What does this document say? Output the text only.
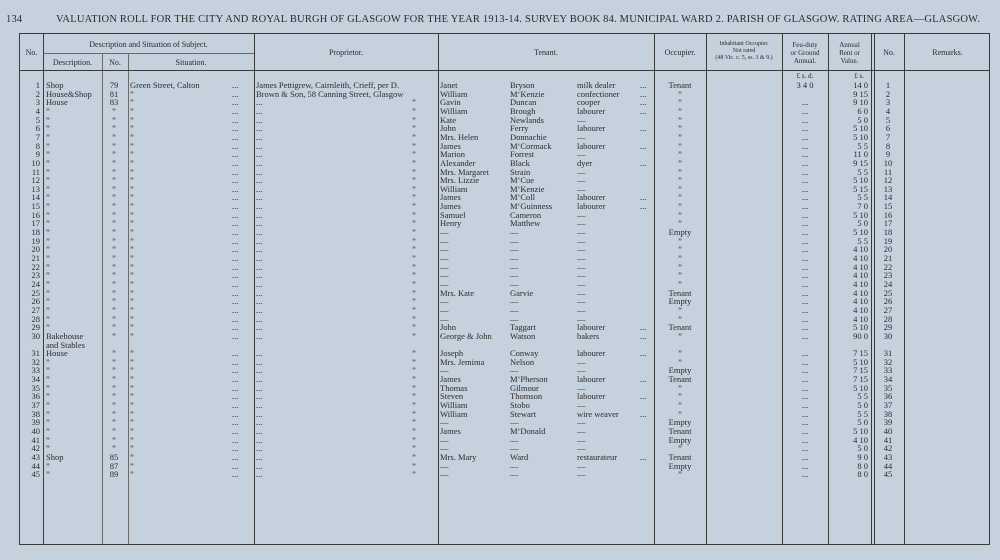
134	VALUATION ROLL FOR THE CITY AND ROYAL BURGH OF GLASGOW FOR THE YEAR 1913-14. SURVEY BOOK 84. MUNICIPAL WARD 2. PARISH OF GLASGOW. RATING AREA—GLASGOW.
No.
Description and Situation of Subject.
Description.	No.	Situation.
Proprietor.	Tenant.	Occupier.
Inhabitant Occupier.
Not rated
(48 Vic. c. 5, ss. 3 & 9.)
Feu-duty
or Ground
Annual.
Annual
Rent or
Value.
No.	Remarks.
1 Shop	79	Green Street, Calton	...	James Pettigrew, Cairnleith, Crieff, per D.	Janet	Bryson	milk dealer	...	Tenant	3 4 0	14 0	1
2 House&Shop	81	”	...	Brown & Son, 58 Canning Street, Glasgow	William	M‘Kenzie	confectioner	...	”	9 15	2
3 House	83	”	...	...	”	Gavin	Duncan	cooper	...	”	...	9 10	3
4 ”	”	”	...	...	”	William	Brough	labourer	...	”	...	6 0	4
5 ”	”	”	...	...	”	Kate	Newlands	—	”	...	5 0	5
6 ”	”	”	...	...	”	John	Ferry	labourer	...	”	...	5 10	6
7 ”	”	”	...	...	”	Mrs. Helen	Donnachie	—	”	...	5 10	7
8 ”	”	”	...	...	”	James	M‘Cormack	labourer	...	”	...	5 5	8
9 ”	”	”	...	...	”	Marion	Forrest	—	”	...	11 0	9
10 ”	”	”	...	...	”	Alexander	Black	dyer	...	”	...	9 15	10
11 ”	”	”	...	...	”	Mrs. Margaret	Strain	—	”	...	5 5	11
12 ”	”	”	...	...	”	Mrs. Lizzie	M‘Cue	—	”	...	5 10	12
13 ”	”	”	...	...	”	William	M‘Kenzie	—	”	...	5 15	13
14 ”	”	”	...	...	”	James	M‘Coll	labourer	...	”	...	5 5	14
15 ”	”	”	...	...	”	James	M‘Guinness	labourer	...	”	...	7 0	15
16 ”	”	”	...	...	”	Samuel	Cameron	—	”	...	5 10	16
17 ”	”	”	...	...	”	Henry	Matthew	—	”	...	5 0	17
18 ”	”	”	...	...	”	—	—	—	Empty	...	5 10	18
19 ”	”	”	...	...	”	—	—	—	”	...	5 5	19
20 ”	”	”	...	...	”	—	—	—	”	...	4 10	20
21 ”	”	”	...	...	”	—	—	—	”	...	4 10	21
22 ”	”	”	...	...	”	—	—	—	”	...	4 10	22
23 ”	”	”	...	...	”	—	—	—	”	...	4 10	23
24 ”	”	”	...	...	”	—	—	—	”	...	4 10	24
25 ”	”	”	...	...	”	Mrs. Kate	Garvie	—	Tenant	...	4 10	25
26 ”	”	”	...	...	”	—	—	—	Empty	...	4 10	26
27 ”	”	”	...	...	”	—	—	—	”	...	4 10	27
28 ”	”	”	...	...	”	—	—	—	”	...	4 10	28
29 ”	”	”	...	...	”	John	Taggart	labourer	...	Tenant	...	5 10	29
30 Bakehouse	”	”	...	...	”	George & John	Watson	bakers	...	”	...	90 0	30
and Stables
31 House	”	”	...	...	”	Joseph	Conway	labourer	...	”	...	7 15	31
32 ”	”	”	...	...	”	Mrs. Jemima	Nelson	—	”	...	5 10	32
33 ”	”	”	...	...	”	—	—	—	Empty	...	7 15	33
34 ”	”	”	...	...	”	James	M‘Pherson	labourer	...	Tenant	...	7 15	34
35 ”	”	”	...	...	”	Thomas	Gilmour	—	”	...	5 10	35
36 ”	”	”	...	...	”	Steven	Thomson	labourer	...	”	...	5 5	36
37 ”	”	”	...	...	”	William	Stobo	—	”	...	5 0	37
38 ”	”	”	...	...	”	William	Stewart	wire weaver	...	”	...	5 5	38
39 ”	”	”	...	...	”	—	—	—	Empty	...	5 0	39
40 ”	”	”	...	...	”	James	M‘Donald	—	Tenant	...	5 10	40
41 ”	”	”	...	...	”	—	—	—	Empty	...	4 10	41
42 ”	”	”	...	...	”	—	—	—	”	...	5 0	42
43 Shop	85	”	...	...	”	Mrs. Mary	Ward	restaurateur	...	Tenant	...	9 0	43
44 ”	87	”	...	...	”	—	—	—	Empty	...	8 0	44
45 ”	89	”	...	...	”	—	—	—	”	...	8 0	45
£ s. d.	£ s.
